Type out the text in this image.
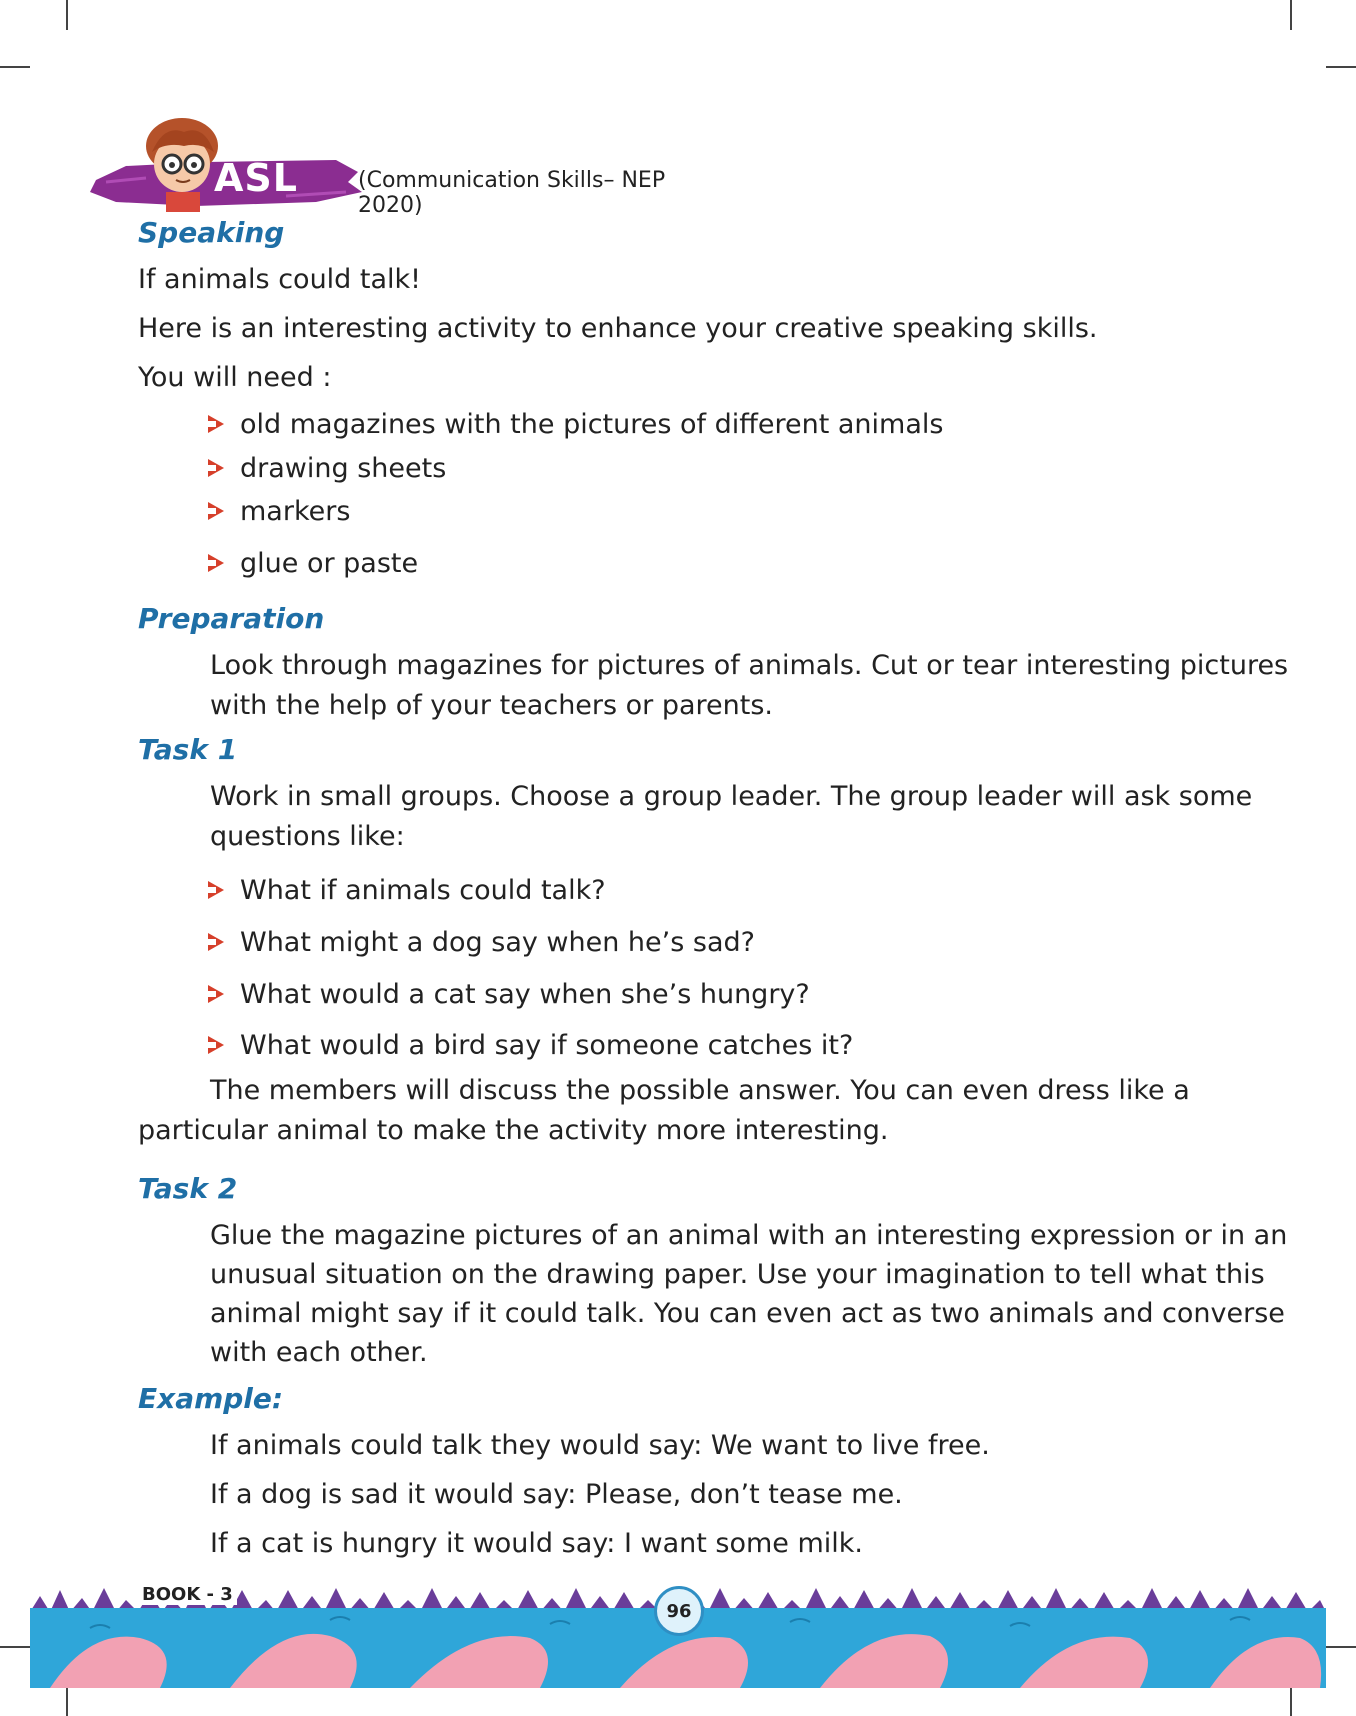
ASL	(Communication Skills– NEP 2020)
Speaking
If animals could talk!
Here is an interesting activity to enhance your creative speaking skills.
You will need :
old magazines with the pictures of different animals
drawing sheets
markers
glue or paste
Preparation
Look through magazines for pictures of animals. Cut or tear interesting pictures
with the help of your teachers or parents.
Task 1
Work in small groups. Choose a group leader. The group leader will ask some
questions like:
What if animals could talk?
What might a dog say when he’s sad?
What would a cat say when she’s hungry?
What would a bird say if someone catches it?
The members will discuss the possible answer. You can even dress like a
particular animal to make the activity more interesting.
Task 2
Glue the magazine pictures of an animal with an interesting expression or in an
unusual situation on the drawing paper. Use your imagination to tell what this
animal might say if it could talk. You can even act as two animals and converse
with each other.
Example:
If animals could talk they would say: We want to live free.
If a dog is sad it would say: Please, don’t tease me.
If a cat is hungry it would say: I want some milk.
BOOK - 3
96
